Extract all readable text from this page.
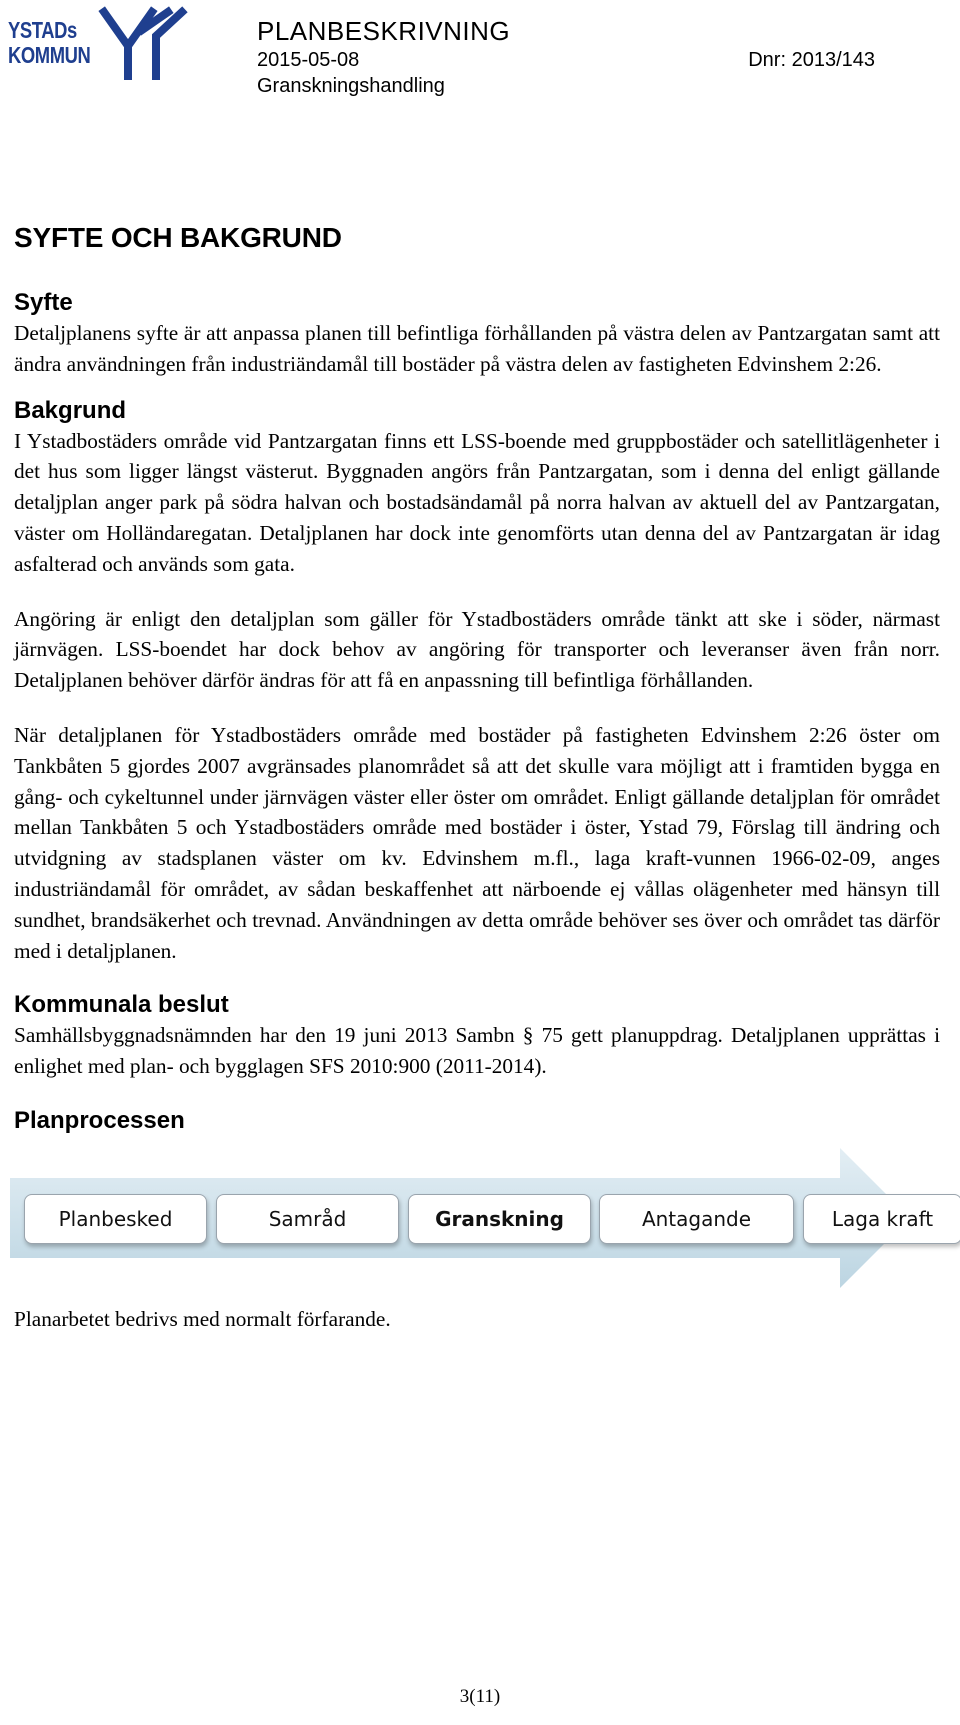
YSTADs KOMMUN
PLANBESKRIVNING
2015-05-08	Dnr: 2013/143
Granskningshandling
SYFTE OCH BAKGRUND
Syfte

Detaljplanens syfte är att anpassa planen till befintliga förhållanden på västra delen av Pantzargatan samt att ändra användningen från industriändamål till bostäder på västra delen av fastigheten Edvinshem 2:26.

Bakgrund

I Ystadbostäders område vid Pantzargatan finns ett LSS-boende med gruppbostäder och satellitlägenheter i det hus som ligger längst västerut. Byggnaden angörs från Pantzargatan, som i denna del enligt gällande detaljplan anger park på södra halvan och bostadsändamål på norra halvan av aktuell del av Pantzargatan, väster om Holländaregatan. Detaljplanen har dock inte genomförts utan denna del av Pantzargatan är idag asfalterad och används som gata.

Angöring är enligt den detaljplan som gäller för Ystadbostäders område tänkt att ske i söder, närmast järnvägen. LSS-boendet har dock behov av angöring för transporter och leveranser även från norr. Detaljplanen behöver därför ändras för att få en anpassning till befintliga förhållanden.

När detaljplanen för Ystadbostäders område med bostäder på fastigheten Edvinshem 2:26 öster om Tankbåten 5 gjordes 2007 avgränsades planområdet så att det skulle vara möjligt att i framtiden bygga en gång- och cykeltunnel under järnvägen väster eller öster om området. Enligt gällande detaljplan för området mellan Tankbåten 5 och Ystadbostäders område med bostäder i öster, Ystad 79, Förslag till ändring och utvidgning av stadsplanen väster om kv. Edvinshem m.fl., laga kraft-vunnen 1966-02-09, anges industriändamål för området, av sådan beskaffenhet att närboende ej vållas olägenheter med hänsyn till sundhet, brandsäkerhet och trevnad. Användningen av detta område behöver ses över och området tas därför med i detaljplanen.

Kommunala beslut

Samhällsbyggnadsnämnden har den 19 juni 2013 Sambn § 75 gett planuppdrag. Detaljplanen upprättas i enlighet med plan- och bygglagen SFS 2010:900 (2011-2014).

Planprocessen
Planbesked	Samråd	Granskning	Antagande	Laga kraft

Planarbetet bedrivs med normalt förfarande.

3(11)
